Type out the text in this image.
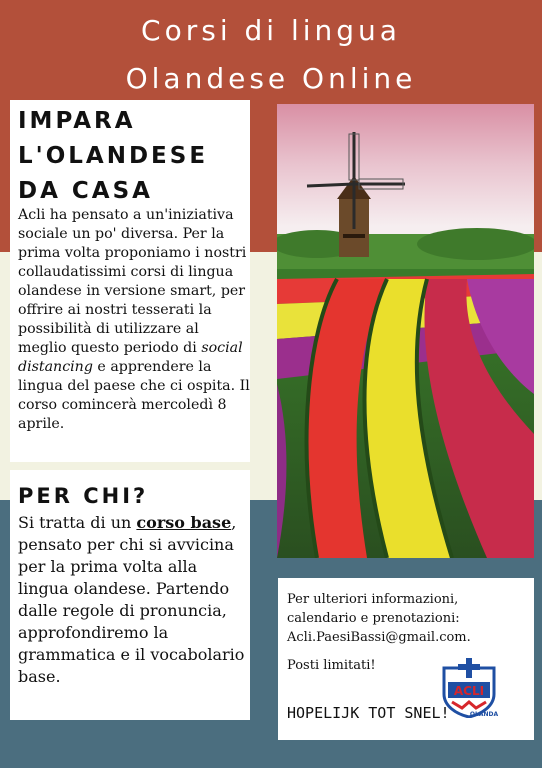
Corsi di lingua
Olandese Online
IMPARA
L'OLANDESE
DA CASA

Acli ha pensato a un'iniziativa sociale un po' diversa. Per la prima volta proponiamo i nostri collaudatissimi corsi di lingua olandese in versione smart, per offrire ai nostri tesserati la possibilità di utilizzare al meglio questo periodo di social distancing e apprendere la lingua del paese che ci ospita. Il corso comincerà mercoledì 8 aprile.

PER CHI?

Si tratta di un corso base, pensato per chi si avvicina per la prima volta alla lingua olandese. Partendo dalle regole di pronuncia, approfondiremo la grammatica e il vocabolario base.

Per ulteriori informazioni, calendario e prenotazioni:
Acli.PaesiBassi@gmail.com.
Posti limitati!
HOPELIJK TOT SNEL!
ACLI
OLANDA
